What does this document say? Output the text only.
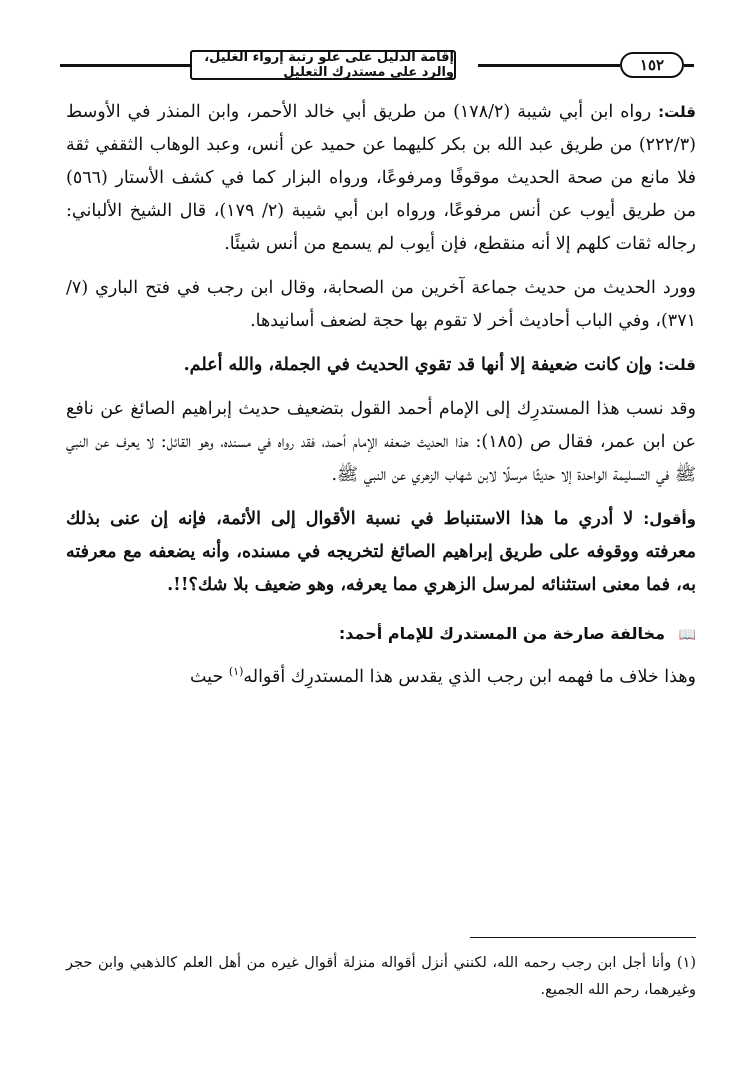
إقامة الدليل على علو رتبة إرواء الغليل، والرد على مستدرك التعليل	١٥٢

قلت: رواه ابن أبي شيبة (١٧٨/٢) من طريق أبي خالد الأحمر، وابن المنذر في الأوسط (٢٢٢/٣) من طريق عبد الله بن بكر كليهما عن حميد عن أنس، وعبد الوهاب الثقفي ثقة فلا مانع من صحة الحديث موقوفًا ومرفوعًا، ورواه البزار كما في كشف الأستار (٥٦٦) من طريق أيوب عن أنس مرفوعًا، ورواه ابن أبي شيبة (٢/ ١٧٩)، قال الشيخ الألباني: رجاله ثقات كلهم إلا أنه منقطع، فإن أيوب لم يسمع من أنس شيئًا.

وورد الحديث من حديث جماعة آخرين من الصحابة، وقال ابن رجب في فتح الباري (٧/ ٣٧١)، وفي الباب أحاديث أخر لا تقوم بها حجة لضعف أسانيدها.

قلت: وإن كانت ضعيفة إلا أنها قد تقوي الحديث في الجملة، والله أعلم.

وقد نسب هذا المستدرِك إلى الإمام أحمد القول بتضعيف حديث إبراهيم الصائغ عن نافع عن ابن عمر، فقال ص (١٨٥): هذا الحديث ضعفه الإمام أحمد، فقد رواه في مسنده، وهو القائل: لا يعرف عن النبي ﷺ في التسليمة الواحدة إلا حديثًا مرسلًا لابن شهاب الزهري عن النبي ﷺ.

وأقول: لا أدري ما هذا الاستنباط في نسبة الأقوال إلى الأئمة، فإنه إن عنى بذلك معرفته ووقوفه على طريق إبراهيم الصائغ لتخريجه في مسنده، وأنه يضعفه مع معرفته به، فما معنى استثنائه لمرسل الزهري مما يعرفه، وهو ضعيف بلا شك؟!!.

📖 مخالفة صارخة من المستدرك للإمام أحمد:

وهذا خلاف ما فهمه ابن رجب الذي يقدس هذا المستدرِك أقواله$^{(١)}$ حيث

(١) وأنا أجل ابن رجب رحمه الله، لكنني أنزل أقواله منزلة أقوال غيره من أهل العلم كالذهبي وابن حجر وغيرهما، رحم الله الجميع.
